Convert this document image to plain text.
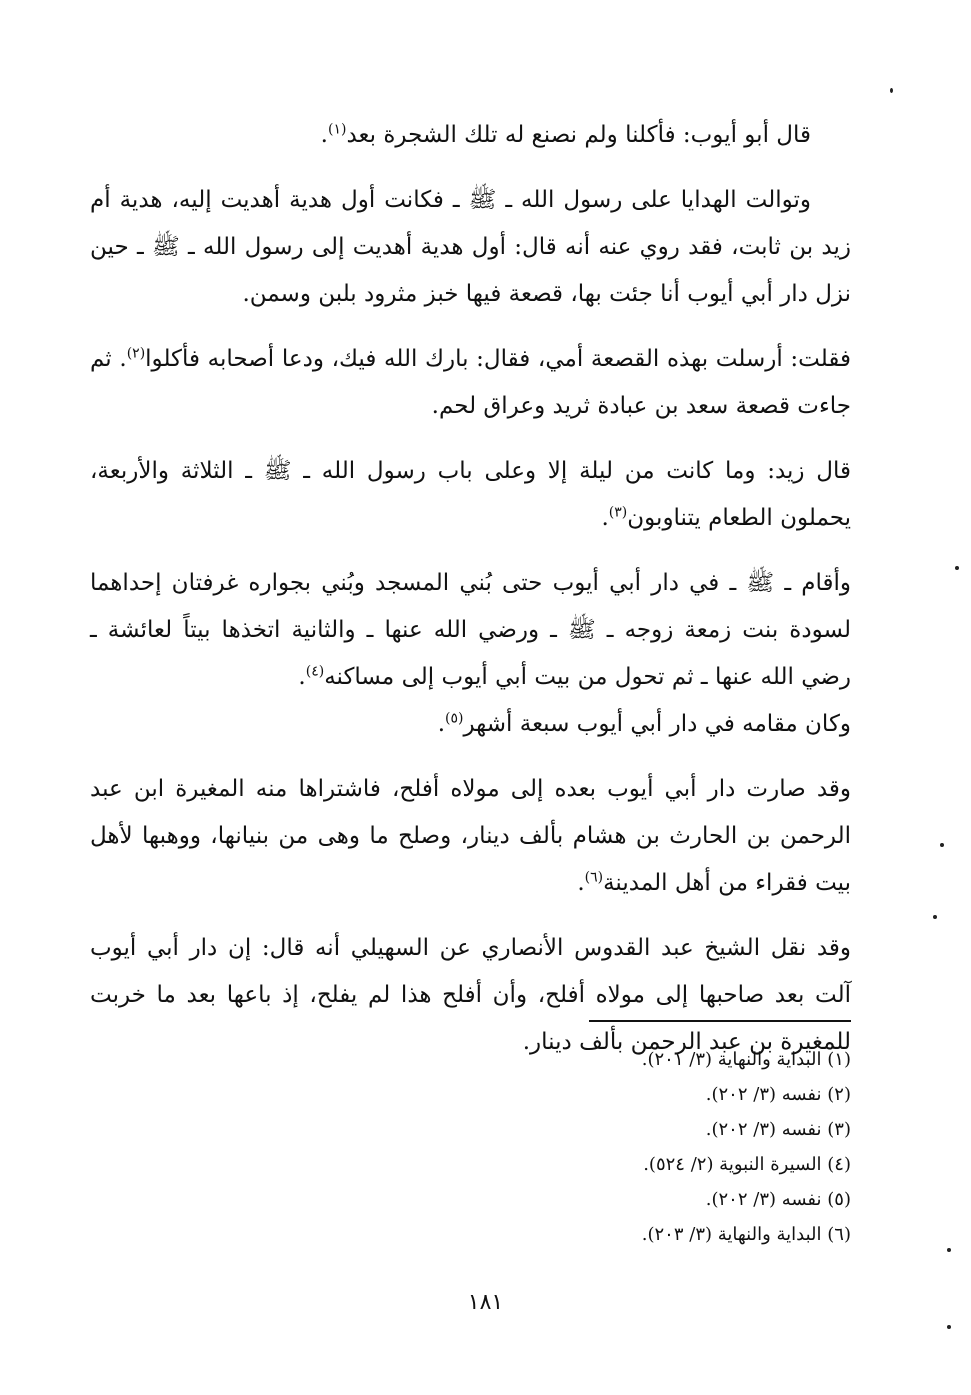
قال أبو أيوب: فأكلنا ولم نصنع له تلك الشجرة بعد$^{(١)}$.

وتوالت الهدايا على رسول الله ـ ﷺ ـ فكانت أول هدية أهديت إليه، هدية أم زيد بن ثابت، فقد روي عنه أنه قال: أول هدية أهديت إلى رسول الله ـ ﷺ ـ حين نزل دار أبي أيوب أنا جئت بها، قصعة فيها خبز مثرود بلبن وسمن.

فقلت: أرسلت بهذه القصعة أمي، فقال: بارك الله فيك، ودعا أصحابه فأكلوا$^{(٢)}$. ثم جاءت قصعة سعد بن عبادة ثريد وعراق لحم.

قال زيد: وما كانت من ليلة إلا وعلى باب رسول الله ـ ﷺ ـ الثلاثة والأربعة، يحملون الطعام يتناوبون$^{(٣)}$.

وأقام ـ ﷺ ـ في دار أبي أيوب حتى بُني المسجد وبُني بجواره غرفتان إحداهما لسودة بنت زمعة زوجه ـ ﷺ ـ ورضي الله عنها ـ والثانية اتخذها بيتاً لعائشة ـ رضي الله عنها ـ ثم تحول من بيت أبي أيوب إلى مساكنه$^{(٤)}$.
وكان مقامه في دار أبي أيوب سبعة أشهر$^{(٥)}$.

وقد صارت دار أبي أيوب بعده إلى مولاه أفلح، فاشتراها منه المغيرة ابن عبد الرحمن بن الحارث بن هشام بألف دينار، وصلح ما وهى من بنيانها، ووهبها لأهل بيت فقراء من أهل المدينة$^{(٦)}$.

وقد نقل الشيخ عبد القدوس الأنصاري عن السهيلي أنه قال: إن دار أبي أيوب آلت بعد صاحبها إلى مولاه أفلح، وأن أفلح هذا لم يفلح، إذ باعها بعد ما خربت للمغيرة بن عبد الرحمن بألف دينار.

(١) البداية والنهاية (٣/ ٢٠١).
(٢) نفسه (٣/ ٢٠٢).
(٣) نفسه (٣/ ٢٠٢).
(٤) السيرة النبوية (٢/ ٥٢٤).
(٥) نفسه (٣/ ٢٠٢).
(٦) البداية والنهاية (٣/ ٢٠٣).
١٨١
